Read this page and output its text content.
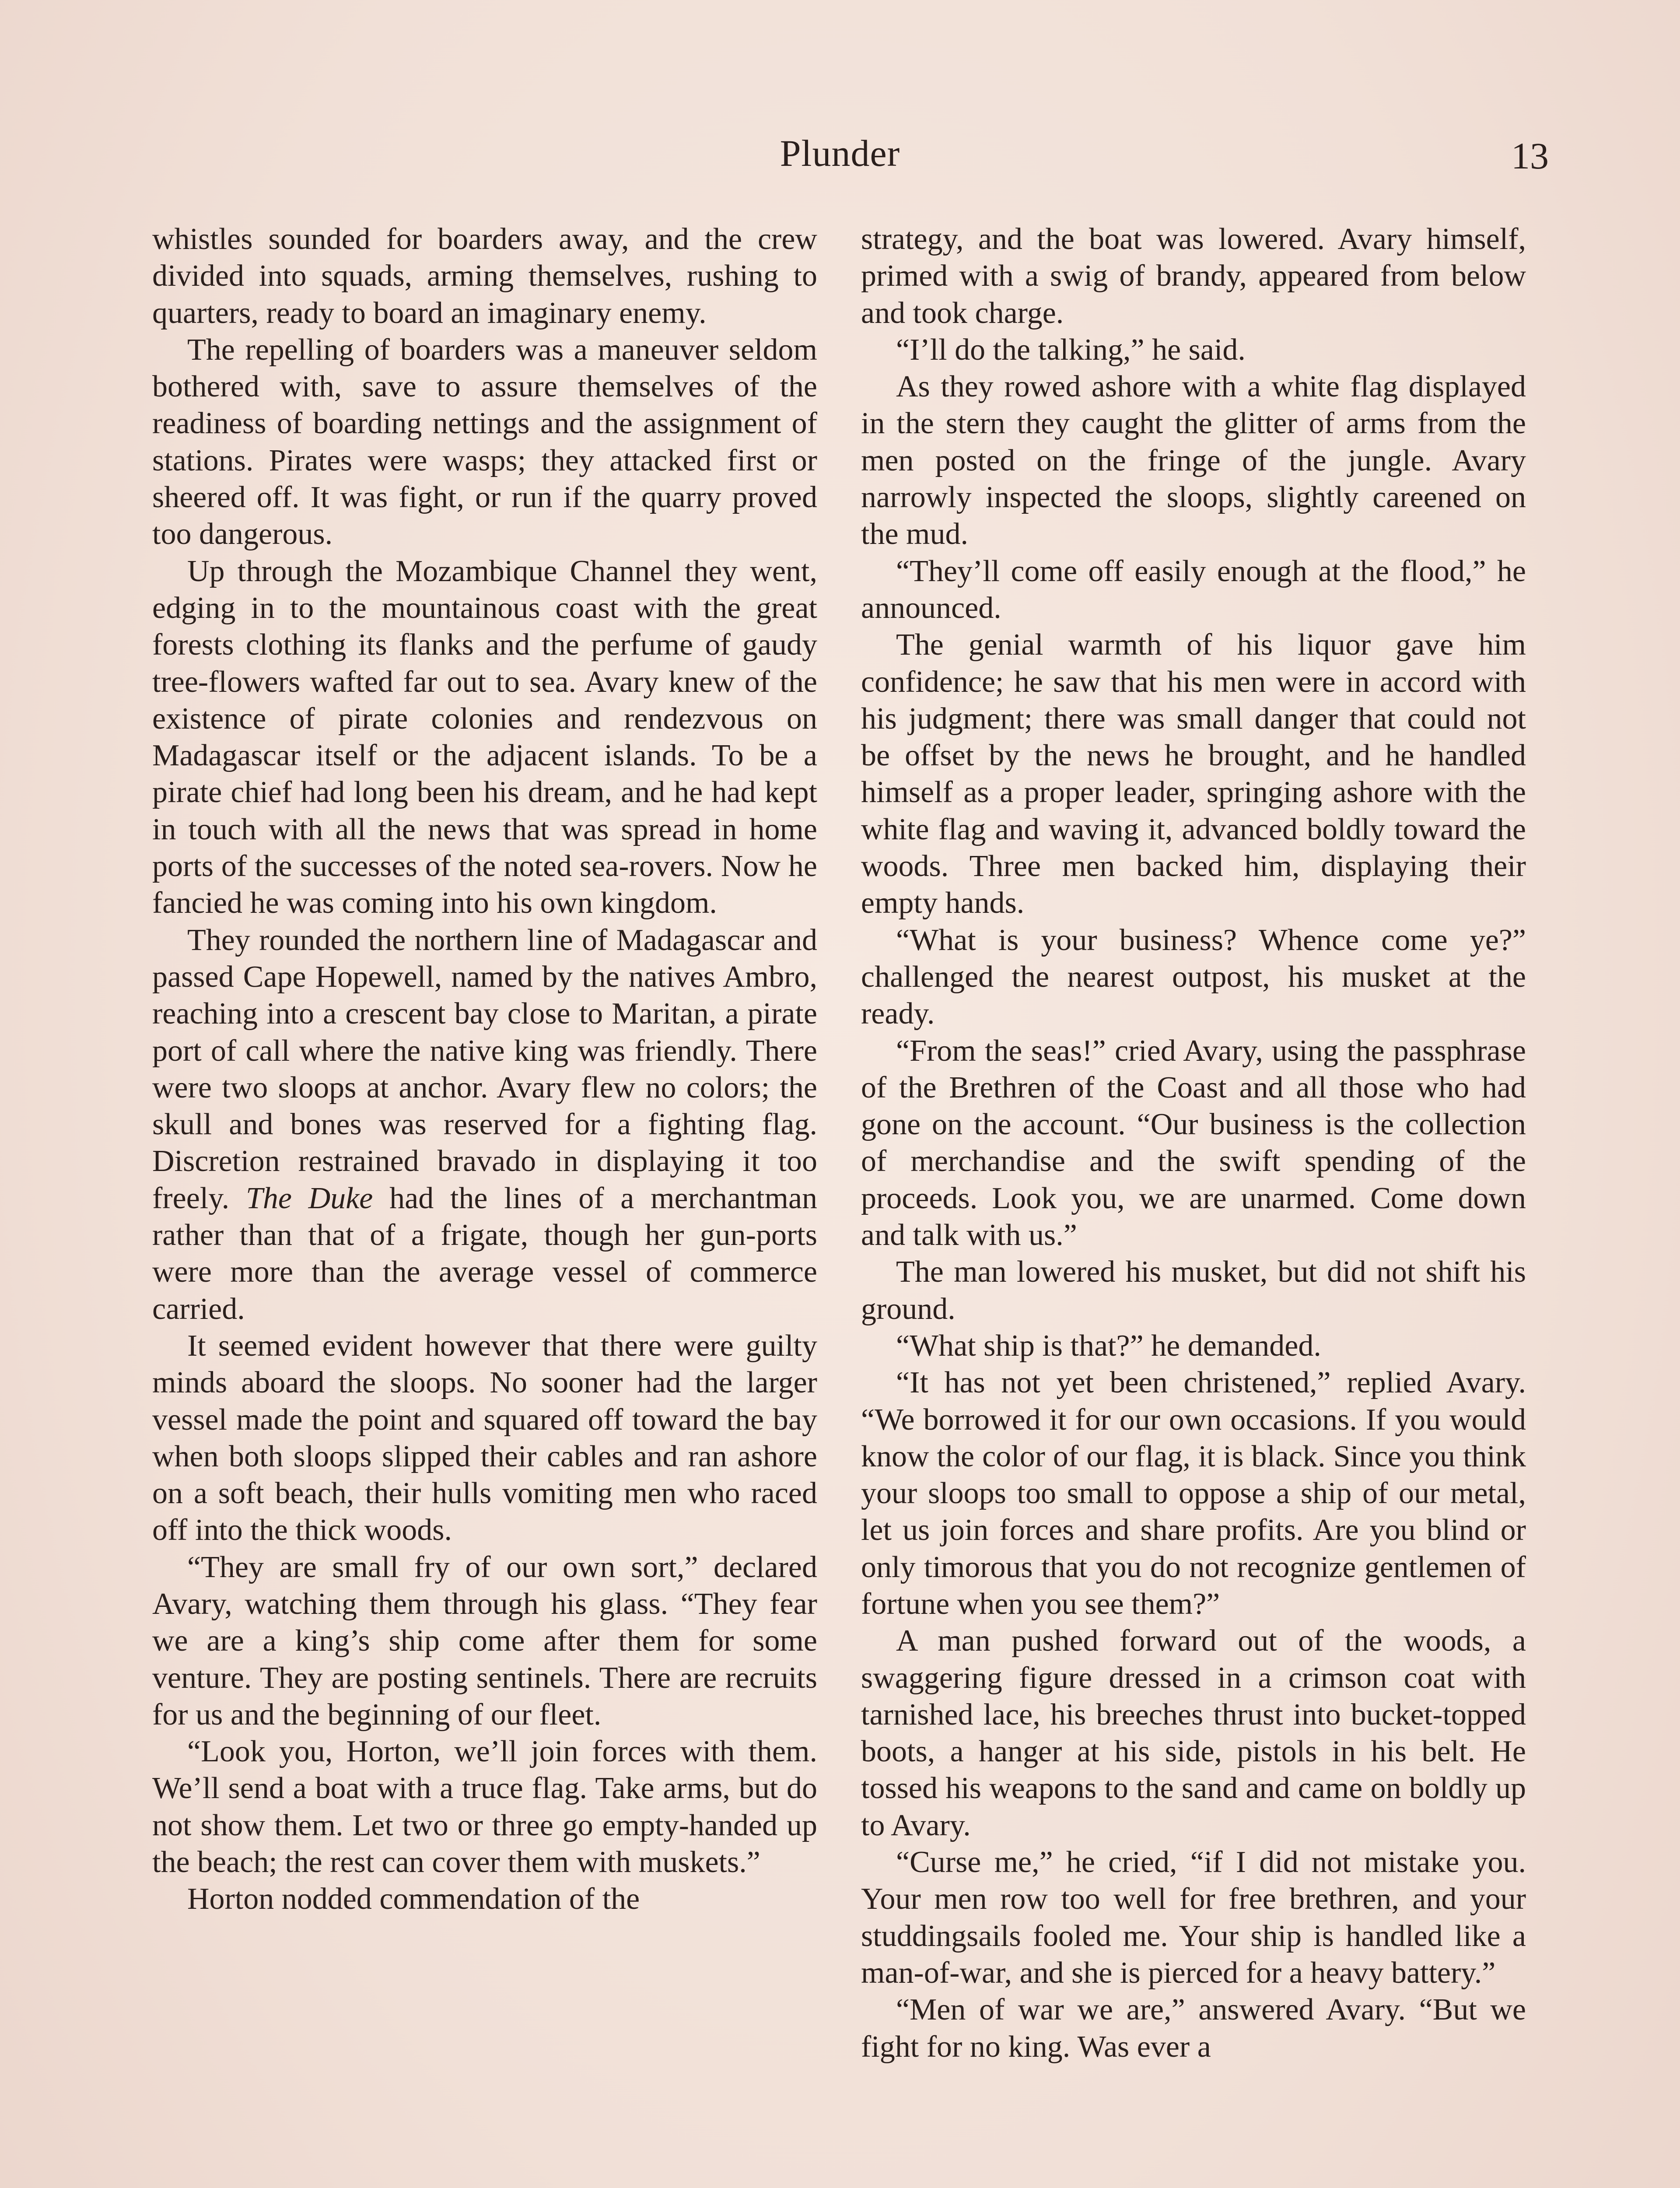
Plunder	13

whistles sounded for boarders away, and the crew divided into squads, arming themselves, rushing to quarters, ready to board an imaginary enemy.

The repelling of boarders was a maneuver seldom bothered with, save to assure themselves of the readiness of boarding nettings and the assignment of stations. Pirates were wasps; they attacked first or sheered off. It was fight, or run if the quarry proved too dangerous.

Up through the Mozambique Channel they went, edging in to the mountainous coast with the great forests clothing its flanks and the perfume of gaudy tree-flowers wafted far out to sea. Avary knew of the existence of pirate colonies and rendezvous on Madagascar itself or the adjacent islands. To be a pirate chief had long been his dream, and he had kept in touch with all the news that was spread in home ports of the successes of the noted sea-rovers. Now he fancied he was coming into his own kingdom.

They rounded the northern line of Madagascar and passed Cape Hopewell, named by the natives Ambro, reaching into a crescent bay close to Maritan, a pirate port of call where the native king was friendly. There were two sloops at anchor. Avary flew no colors; the skull and bones was reserved for a fighting flag. Discretion restrained bravado in displaying it too freely. The Duke had the lines of a merchantman rather than that of a frigate, though her gun-ports were more than the average vessel of commerce carried.

It seemed evident however that there were guilty minds aboard the sloops. No sooner had the larger vessel made the point and squared off toward the bay when both sloops slipped their cables and ran ashore on a soft beach, their hulls vomiting men who raced off into the thick woods.

“They are small fry of our own sort,” declared Avary, watching them through his glass. “They fear we are a king’s ship come after them for some venture. They are posting sentinels. There are recruits for us and the beginning of our fleet.

“Look you, Horton, we’ll join forces with them. We’ll send a boat with a truce flag. Take arms, but do not show them. Let two or three go empty-handed up the beach; the rest can cover them with muskets.”

Horton nodded commendation of the

strategy, and the boat was lowered. Avary himself, primed with a swig of brandy, appeared from below and took charge.

“I’ll do the talking,” he said.

As they rowed ashore with a white flag displayed in the stern they caught the glitter of arms from the men posted on the fringe of the jungle. Avary narrowly inspected the sloops, slightly careened on the mud.

“They’ll come off easily enough at the flood,” he announced.

The genial warmth of his liquor gave him confidence; he saw that his men were in accord with his judgment; there was small danger that could not be offset by the news he brought, and he handled himself as a proper leader, springing ashore with the white flag and waving it, advanced boldly toward the woods. Three men backed him, displaying their empty hands.

“What is your business? Whence come ye?” challenged the nearest outpost, his musket at the ready.

“From the seas!” cried Avary, using the passphrase of the Brethren of the Coast and all those who had gone on the account. “Our business is the collection of merchandise and the swift spending of the proceeds. Look you, we are unarmed. Come down and talk with us.”

The man lowered his musket, but did not shift his ground.

“What ship is that?” he demanded.

“It has not yet been christened,” replied Avary. “We borrowed it for our own occasions. If you would know the color of our flag, it is black. Since you think your sloops too small to oppose a ship of our metal, let us join forces and share profits. Are you blind or only timorous that you do not recognize gentlemen of fortune when you see them?”

A man pushed forward out of the woods, a swaggering figure dressed in a crimson coat with tarnished lace, his breeches thrust into bucket-topped boots, a hanger at his side, pistols in his belt. He tossed his weapons to the sand and came on boldly up to Avary.

“Curse me,” he cried, “if I did not mistake you. Your men row too well for free brethren, and your studdingsails fooled me. Your ship is handled like a man-of-war, and she is pierced for a heavy battery.”

“Men of war we are,” answered Avary. “But we fight for no king. Was ever a
